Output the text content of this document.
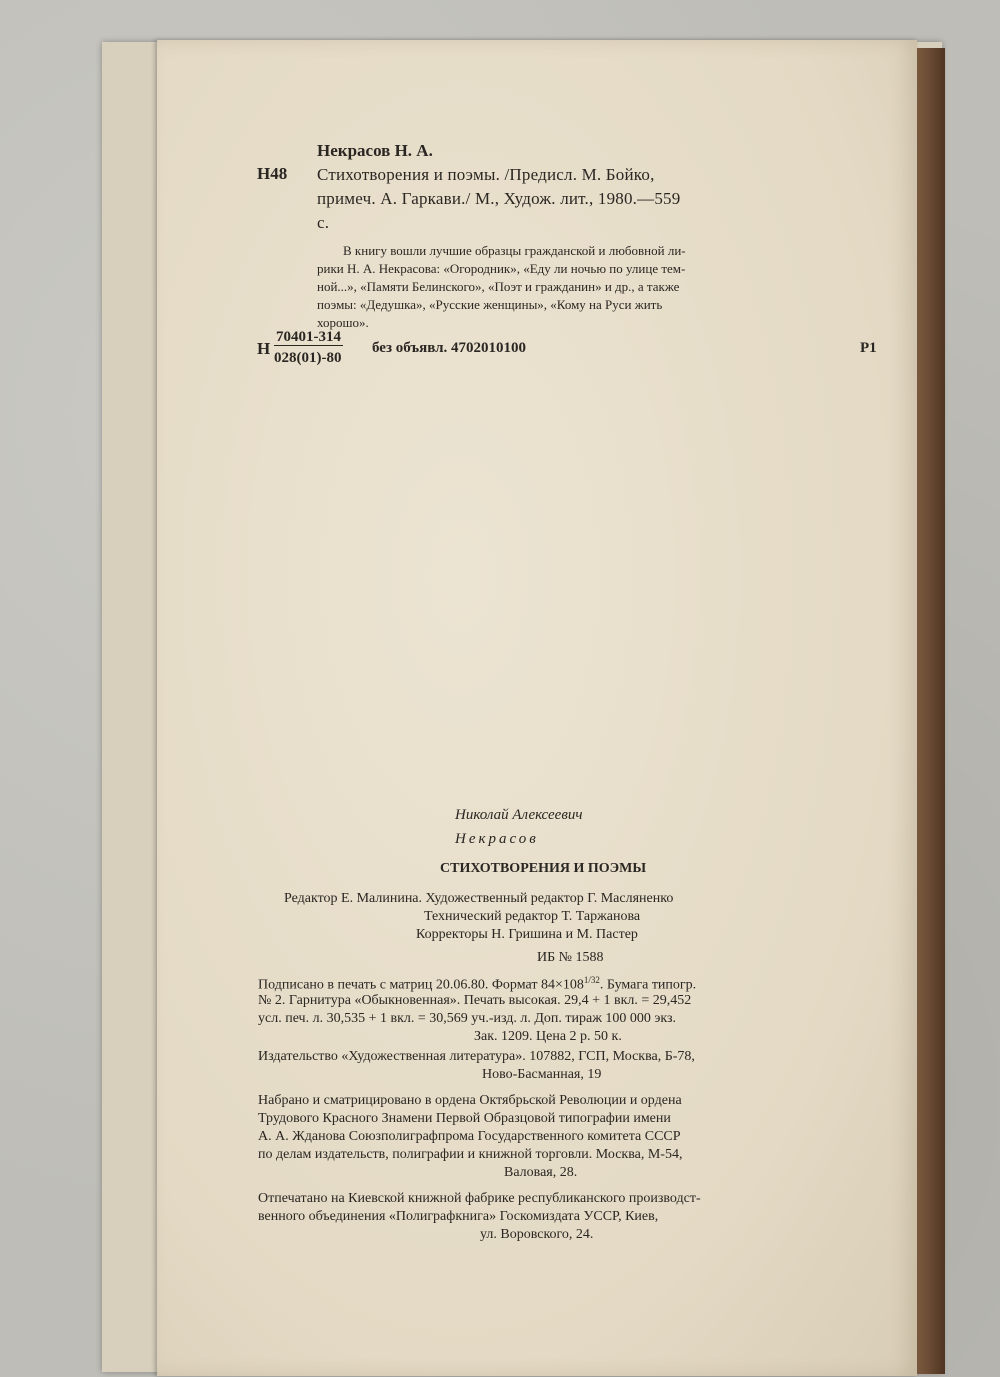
Н48
Некрасов Н. А.
Стихотворения и поэмы. /Предисл. М. Бойко,
примеч. А. Гаркави./ М., Худож. лит., 1980.—559
с.
В книгу вошли лучшие образцы гражданской и любовной ли-
рики Н. А. Некрасова: «Огородник», «Еду ли ночью по улице тем-
ной...», «Памяти Белинского», «Поэт и гражданин» и др., а также
поэмы: «Дедушка», «Русские женщины», «Кому на Руси жить
хорошо».
Н
70401-314
028(01)-80
без объявл. 4702010100	Р1
Николай Алексеевич
Некрасов
СТИХОТВОРЕНИЯ И ПОЭМЫ
Редактор Е. Малинина. Художественный редактор Г. Масляненко
Технический редактор Т. Таржанова
Корректоры Н. Гришина и М. Пастер
ИБ № 1588
Подписано в печать с матриц 20.06.80. Формат $84\times 108^{1/32}$. Бумага типогр.
№ 2. Гарнитура «Обыкновенная». Печать высокая. 29,4 + 1 вкл. = 29,452
усл. печ. л. 30,535 + 1 вкл. = 30,569 уч.-изд. л. Доп. тираж 100 000 экз.
Зак. 1209. Цена 2 р. 50 к.
Издательство «Художественная литература». 107882, ГСП, Москва, Б-78,
Ново-Басманная, 19
Набрано и сматрицировано в ордена Октябрьской Революции и ордена
Трудового Красного Знамени Первой Образцовой типографии имени
А. А. Жданова Союзполиграфпрома Государственного комитета СССР
по делам издательств, полиграфии и книжной торговли. Москва, М-54,
Валовая, 28.
Отпечатано на Киевской книжной фабрике республиканского производст-
венного объединения «Полиграфкнига» Госкомиздата УССР, Киев,
ул. Воровского, 24.
